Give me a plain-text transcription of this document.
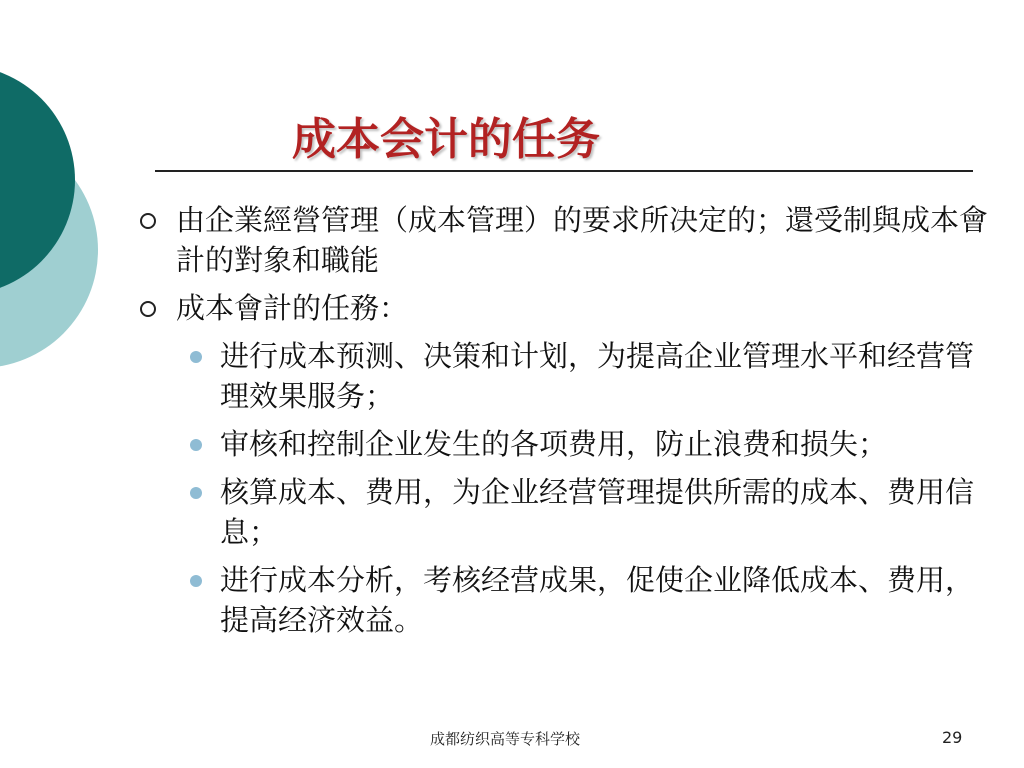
成本会计的任务
由企業經營管理（成本管理）的要求所决定的；還受制與成本會計的對象和職能
成本會計的任務：
进行成本预测、决策和计划，为提高企业管理水平和经营管理效果服务；
审核和控制企业发生的各项费用，防止浪费和损失；
核算成本、费用，为企业经营管理提供所需的成本、费用信息；
进行成本分析，考核经营成果，促使企业降低成本、费用，提高经济效益。
成都纺织高等专科学校	29
